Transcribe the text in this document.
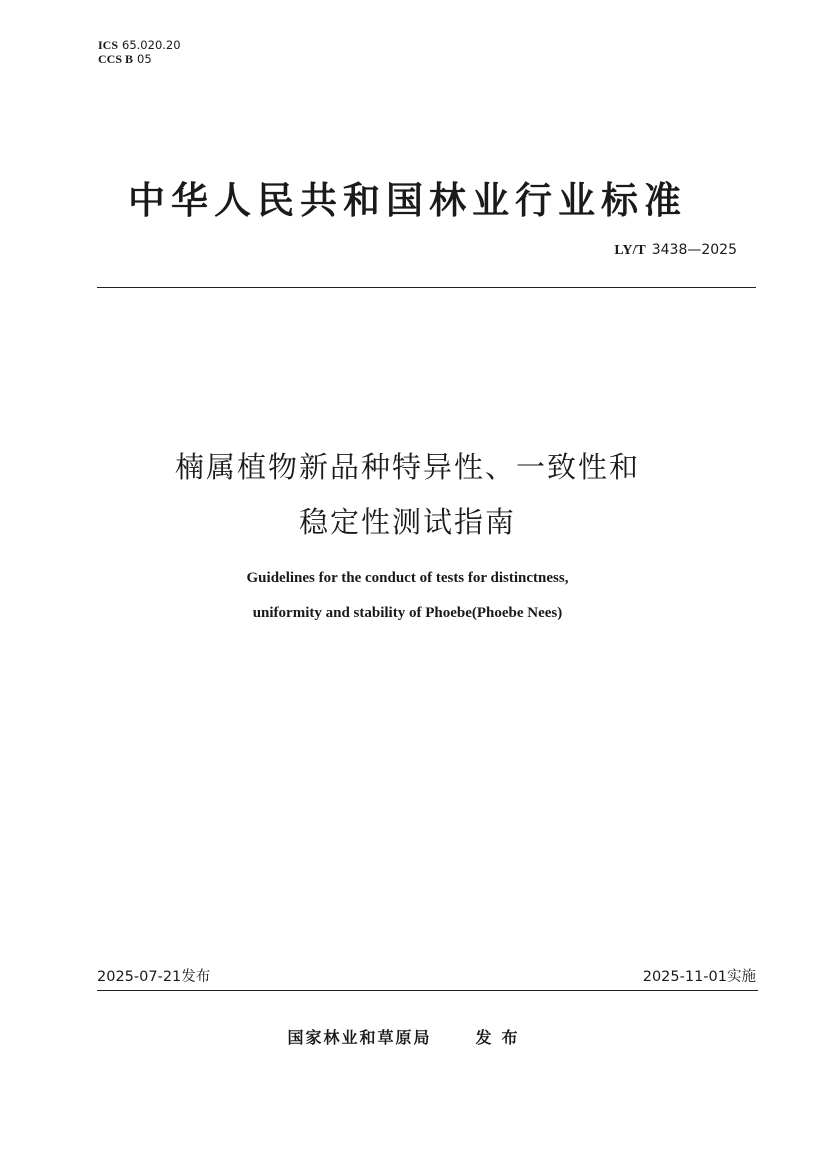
ICS 65.020.20
CCS B 05
中华人民共和国林业行业标准
LY/T 3438—2025
楠属植物新品种特异性、一致性和
稳定性测试指南
Guidelines for the conduct of tests for distinctness,
uniformity and stability of Phoebe(Phoebe Nees)
2025-07-21发布	2025-11-01实施
国家林业和草原局	发布
